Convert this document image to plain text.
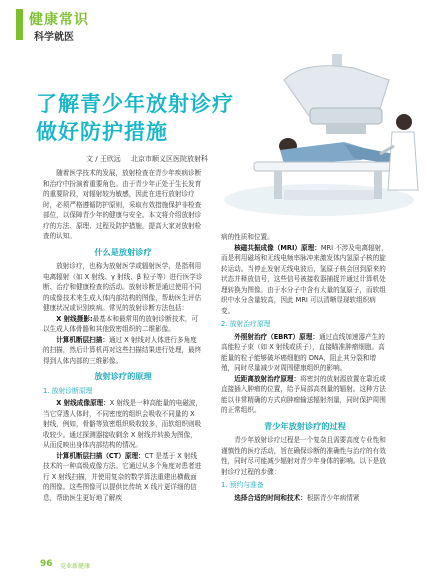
健康常识
科学就医
了解青少年放射诊疗
做好防护措施
文 / 王欣远 北京市顺义区医院放射科

随着医学技术的发展，放射检查在青少年疾病诊断和治疗中扮演着重要角色。由于青少年正处于生长发育的重要阶段，对辐射较为敏感，因此在进行放射诊疗时，必须严格遵循防护原则，采取有效措施保护非检查部位，以保障青少年的健康与安全。本文将介绍放射诊疗的方法、原理、过程及防护措施，提高大家对放射检查的认知。

什么是放射诊疗

放射诊疗，也称为放射医学或辐射医学，是指利用电离辐射（如 X 射线、γ 射线、β 粒子等）进行医学诊断、治疗和健康检查的活动。放射诊断是通过使用不同的成像技术来生成人体内部结构的图像，帮助医生评估健康状况或识别疾病。常见的放射诊断方法包括：

X 射线摄影:最基本和最常用的放射诊断技术，可以生成人体骨骼和其他致密组织的二维影像。

计算机断层扫描：通过 X 射线对人体进行多角度的扫描，然后计算机再对这些扫描结果进行处理，最终得到人体内部的三维影像。

放射诊疗的原理
1. 放射诊断原理

X 射线成像原理：X 射线是一种高能量的电磁波，当它穿透人体时，不同密度的组织会吸收不同量的 X 射线，例如，骨骼等致密组织吸收较多，而软组织则吸收较少。通过探测器接收剩余 X 射线并转换为图像，从而反映出身体内部结构的情况。

计算机断层扫描（CT）原理：CT 是基于 X 射线技术的一种高级成像方法。它通过从多个角度对患者进行 X 射线扫描，并使用复杂的数学算法重建出横截面的图像。这些图像可以提供比传统 X 线片更详细的信息，帮助医生更好地了解疾

病的性质和位置。

核磁共振成像（MRI）原理：MRI 不涉及电离辐射，而是利用磁场和无线电频率脉冲来激发体内氢原子核的旋转运动。当停止发射无线电波后，氢原子核会回到原来的状态并释放信号，这些信号被接收器捕捉并通过计算机处理转换为图像。由于水分子中含有大量的氢原子，而软组织中水分含量较高，因此 MRI 可以清晰显现软组织病变。

2. 放射治疗原理

外照射治疗（EBRT）原理：通过直线加速器产生的高能粒子束（如 X 射线或质子），直接瞄准肿瘤细胞。高能量的粒子能够破坏癌细胞的 DNA，阻止其分裂和增殖，同时尽量减少对周围健康组织的影响。

近距离放射治疗原理：将密封的放射源放置在靠近或直接插入肿瘤的位置，给予局部高剂量的辐射。这种方法能以非常精确的方式向肿瘤输送辐射剂量，同时保护周围的正常组织。

青少年放射诊疗的过程

青少年放射诊疗过程是一个复杂且需要高度专业性和谨慎性的医疗活动，旨在确保诊断的准确性与治疗的有效性，同时尽可能减少辐射对青少年身体的影响。以下是放射诊疗过程的步骤：

1. 预约与准备

选择合适的时间和技术：根据青少年病情紧

96 竞业新健康
